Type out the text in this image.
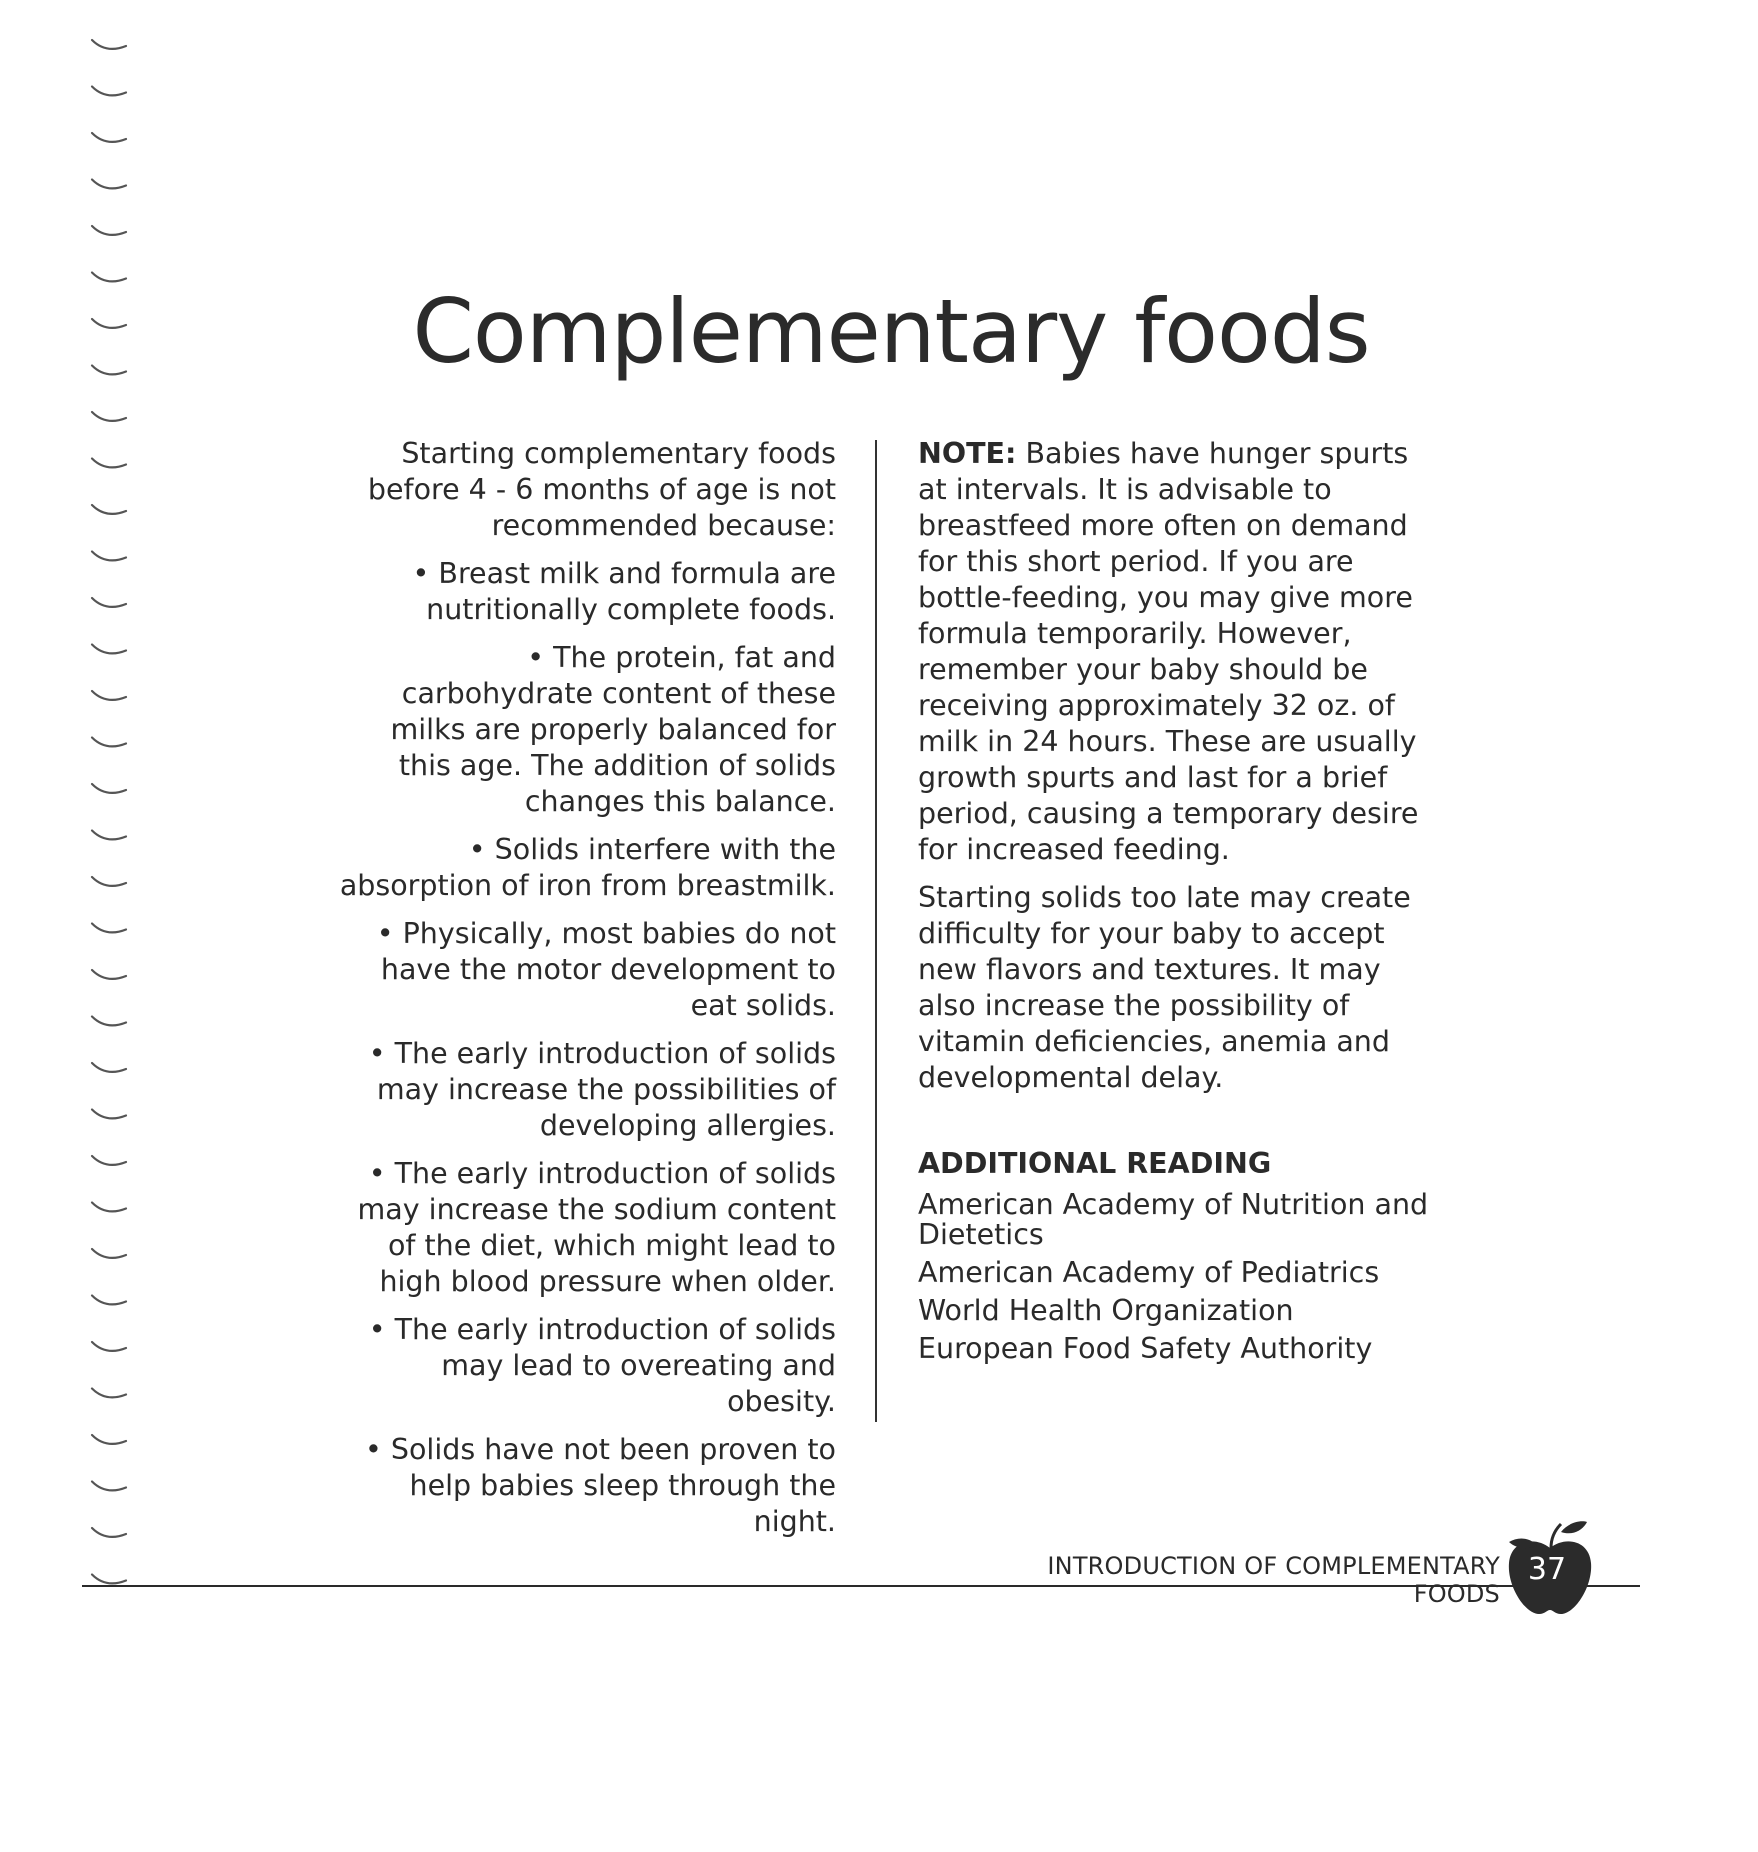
Complementary foods

Starting complementary foods before 4 - 6 months of age is not recommended because:

• Breast milk and formula are nutritionally complete foods.

• The protein, fat and carbohydrate content of these milks are properly balanced for this age. The addition of solids changes this balance.

• Solids interfere with the absorption of iron from breastmilk.

• Physically, most babies do not have the motor development to eat solids.

• The early introduction of solids may increase the possibilities of developing allergies.

• The early introduction of solids may increase the sodium content of the diet, which might lead to high blood pressure when older.

• The early introduction of solids may lead to overeating and obesity.

• Solids have not been proven to help babies sleep through the night.

NOTE: Babies have hunger spurts at intervals. It is advisable to breastfeed more often on demand for this short period. If you are bottle-feeding, you may give more formula temporarily. However, remember your baby should be receiving approximately 32 oz. of milk in 24 hours. These are usually growth spurts and last for a brief period, causing a temporary desire for increased feeding.

Starting solids too late may create difficulty for your baby to accept new flavors and textures. It may also increase the possibility of vitamin deficiencies, anemia and developmental delay.

ADDITIONAL READING

American Academy of Nutrition and Dietetics
American Academy of Pediatrics
World Health Organization
European Food Safety Authority
INTRODUCTION OF COMPLEMENTARY FOODS
37
